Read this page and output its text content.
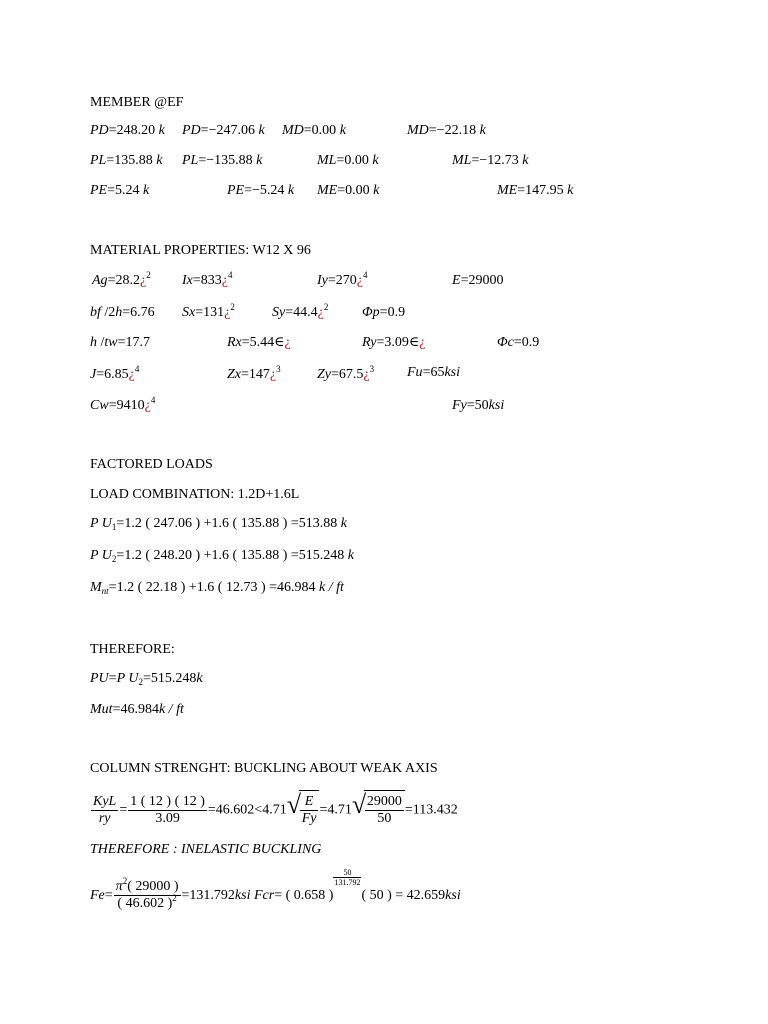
MEMBER @EF
PD=248.20 k PD=−247.06 k MD=0.00 k	MD=−22.18 k
PL=135.88 k PL=−135.88 k	ML=0.00 k	ML=−12.73 k
PE=5.24 k	PE=−5.24 k ME=0.00 k	ME=147.95 k
MATERIAL PROPERTIES: W12 X 96
Ag=28.2¿$^2$ Ix=833¿$^4$	Iy=270¿$^4$	E=29000
bf /2h=6.76 Sx=131¿$^2$	Sy=44.4¿$^2$ Φp=0.9
h /tw=17.7	Rx=5.44∈¿	Ry=3.09∈¿	Φc=0.9
J=6.85¿$^4$	Zx=147¿$^3$	Zy=67.5¿$^3$ Fu=65ksi
Cw=9410¿$^4$	Fy=50ksi
FACTORED LOADS
LOAD COMBINATION: 1.2D+1.6L
P $U_1=1.2$ ( 247.06 ) +1.6 ( 135.88 ) =513.88 k
P $U_2=1.2$ ( 248.20 ) +1.6 ( 135.88 ) =515.248 k
$M_{nt}=1.2$ ( 22.18 ) +1.6 ( 12.73 ) =46.984 k / ft
THEREFORE:
PU=P $U_2=515.248k$
Mut=46.984k / ft
COLUMN STRENGHT: BUCKLING ABOUT WEAK AXIS
$\frac{\text{KyL}}{ry} = \frac{1 ( 12 ) ( 12 )}{3.09} =46.602<4.71$ √
$\frac{E}{Fy} =4.71$ √
$\frac{29000}{50} =113.432$
THEREFORE : INELASTIC BUCKLING
$Fe= \frac{\pi^2( 29000 )}{( 46.602 )^2} =131.792ksi$ Fcr= ( 0.658 )
$\frac{50}{131.792}$
( 50 ) = 42.659ksi
